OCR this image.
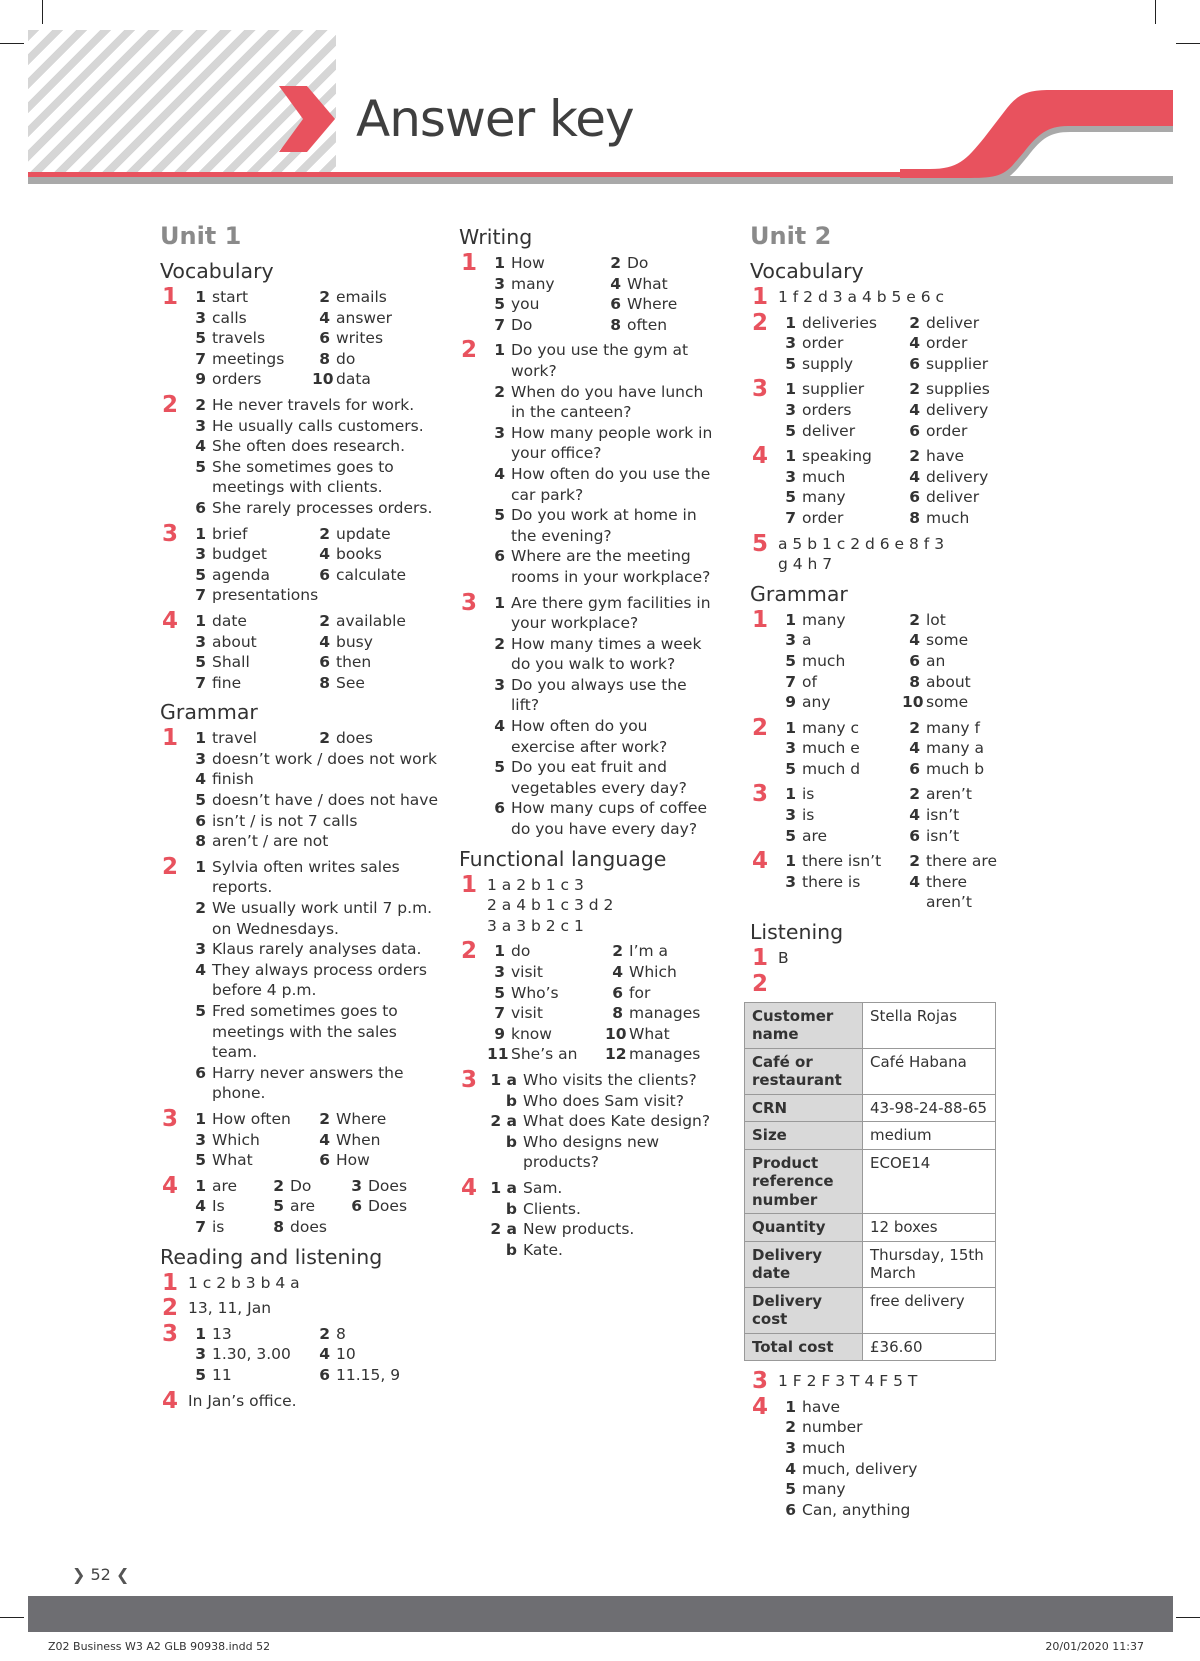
Answer key
Unit 1
Vocabulary
1	1 start	2 emails
3 calls	4 answer
5 travels	6 writes
7 meetings	8 do
9 orders	10 data
2	2 He never travels for work.
3 He usually calls customers.
4 She often does research.
5 She sometimes goes to meetings with clients.
6 She rarely processes orders.
3	1 brief	2 update
3 budget	4 books
5 agenda	6 calculate
7 presentations
4	1 date	2 available
3 about	4 busy
5 Shall	6 then
7 fine	8 See
Grammar
1	1 travel	2 does
3 doesn’t work / does not work
4 finish
5 doesn’t have / does not have
6 isn’t / is not 7 calls
8 aren’t / are not
2	1 Sylvia often writes sales reports.
2 We usually work until 7 p.m. on Wednesdays.
3 Klaus rarely analyses data.
4 They always process orders before 4 p.m.
5 Fred sometimes goes to meetings with the sales team.
6 Harry never answers the phone.
3	1 How often	2 Where
3 Which	4 When
5 What	6 How
4	1 are	2 Do	3 Does
4 Is	5 are	6 Does
7 is	8 does
Reading and listening
1 1 c 2 b 3 b 4 a
2 13, 11, Jan
3	1 13	2 8
3 1.30, 3.00	4 10
5 11	6 11.15, 9
4 In Jan’s office.
Writing
1	1 How	2 Do
3 many	4 What
5 you	6 Where
7 Do	8 often
2	1 Do you use the gym at work?
2 When do you have lunch in the canteen?
3 How many people work in your office?
4 How often do you use the car park?
5 Do you work at home in the evening?
6 Where are the meeting rooms in your workplace?
3	1 Are there gym facilities in your workplace?
2 How many times a week do you walk to work?
3 Do you always use the lift?
4 How often do you exercise after work?
5 Do you eat fruit and vegetables every day?
6 How many cups of coffee do you have every day?
Functional language
1 1 a 2 b 1 c 3
2 a 4 b 1 c 3 d 2
3 a 3 b 2 c 1
2	1 do	2 I’m a
3 visit	4 Which
5 Who’s	6 for
7 visit	8 manages
9 know	10 What
11 She’s an	12 manages
3 1 a Who visits the clients?
b Who does Sam visit?
2 a What does Kate design?
b Who designs new products?
4 1 a Sam.
b Clients.
2 a New products.
b Kate.
Unit 2
Vocabulary
1 1 f 2 d 3 a 4 b 5 e 6 c
2	1 deliveries	2 deliver
3 order	4 order
5 supply	6 supplier
3	1 supplier	2 supplies
3 orders	4 delivery
5 deliver	6 order
4	1 speaking	2 have
3 much	4 delivery
5 many	6 deliver
7 order	8 much
5 a 5 b 1 c 2 d 6 e 8 f 3
g 4 h 7
Grammar
1	1 many	2 lot
3 a	4 some
5 much	6 an
7 of	8 about
9 any	10 some
2	1 many c	2 many f
3 much e	4 many a
5 much d	6 much b
3	1 is	2 aren’t
3 is	4 isn’t
5 are	6 isn’t
4	1 there isn’t	2 there are
3 there is	4 there aren’t
Listening
1 B
2
Customer name	Stella Rojas
Café or restaurant	Café Habana
CRN	43-98-24-88-65
Size	medium
Product reference number	ECOE14
Quantity	12 boxes
Delivery date	Thursday, 15th March
Delivery cost	free delivery
Total cost	£36.60
3 1 F 2 F 3 T 4 F 5 T
4	1 have
2 number
3 much
4 much, delivery
5 many
6 Can, anything
❯ 52 ❮
Z02 Business W3 A2 GLB 90938.indd 52	20/01/2020 11:37
